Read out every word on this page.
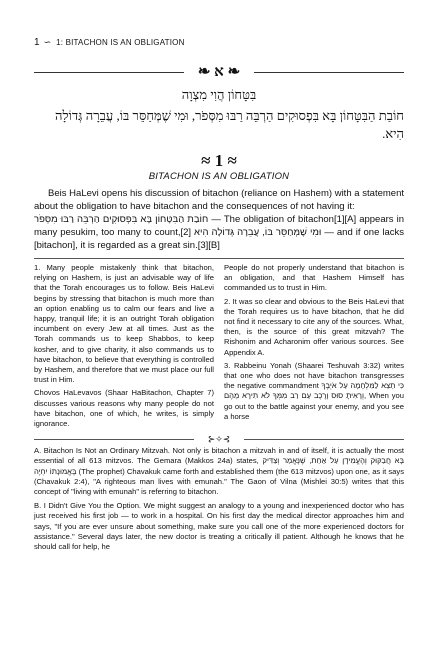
1 ∽ 1: BITACHON IS AN OBLIGATION
❧ א ❧
בִּטָּחוֹן הֲוִי מִצְוָה
חוֹבַת הַבִּטָּחוֹן בָּא בִּפְסוּקִים הַרְבֵּה רַבּוּ מִסְּפֹר, וּמִי שֶׁמְּחַסֵּר בּוֹ, עֲבֵרָה גְּדוֹלָה הִיא.
≈ 1 ≈
BITACHON IS AN OBLIGATION

Beis HaLevi opens his discussion of bitachon (reliance on Hashem) with a statement about the obligation to have bitachon and the consequences of not having it:

חוֹבַת הַבִּטָּחוֹן בָּא בִּפְסוּקִים הַרְבֵּה רַבּוּ מִסְּפֹר — The obligation of bitachon[1][A] appears in many pesukim, too many to count,[2] וּמִי שֶׁמְּחַסֵּר בּוֹ, עֲבֵרָה גְּדוֹלָה הִיא — and if one lacks [bitachon], it is regarded as a great sin.[3][B]

1. Many people mistakenly think that bitachon, relying on Hashem, is just an advisable way of life that the Torah encourages us to follow. Beis HaLevi begins by stressing that bitachon is much more than an option enabling us to calm our fears and live a happy, tranquil life; it is an outright Torah obligation incumbent on every Jew at all times. Just as the Torah commands us to keep Shabbos, to keep kosher, and to give charity, it also commands us to have bitachon, to believe that everything is controlled by Hashem, and therefore that we must place our full trust in Him.

Chovos HaLevavos (Shaar HaBitachon, Chapter 7) discusses various reasons why many people do not have bitachon, one of which, he writes, is simply ignorance.

People do not properly understand that bitachon is an obligation, and that Hashem Himself has commanded us to trust in Him.

2. It was so clear and obvious to the Beis HaLevi that the Torah requires us to have bitachon, that he did not find it necessary to cite any of the sources. What, then, is the source of this great mitzvah? The Rishonim and Acharonim offer various sources. See Appendix A.

3. Rabbeinu Yonah (Shaarei Teshuvah 3:32) writes that one who does not have bitachon transgresses the negative commandment כִּי תֵצֵא לַמִּלְחָמָה עַל אֹיְבֶךָ וְרָאִיתָ סוּס וָרֶכֶב עַם רַב מִמְּךָ לֹא תִירָא מֵהֶם, When you go out to the battle against your enemy, and you see a horse

⊱✧⊰

A. Bitachon Is Not an Ordinary Mitzvah. Not only is bitachon a mitzvah in and of itself, it is actually the most essential of all 613 mitzvos. The Gemara (Makkos 24a) states, בָּא חֲבַקּוּק וְהֶעֱמִידָן עַל אַחַת, שֶׁנֶּאֱמַר וְצַדִּיק בֶּאֱמוּנָתוֹ יִחְיֶה (The prophet) Chavakuk came forth and established them (the 613 mitzvos) upon one, as it says (Chavakuk 2:4), "A righteous man lives with emunah." The Gaon of Vilna (Mishlei 30:5) writes that this concept of "living with emunah" is referring to bitachon.

B. I Didn't Give You the Option. We might suggest an analogy to a young and inexperienced doctor who has just received his first job — to work in a hospital. On his first day the medical director approaches him and says, "If you are ever unsure about something, make sure you call one of the more experienced doctors for assistance." Several days later, the new doctor is treating a critically ill patient. Although he knows that he should call for help, he
